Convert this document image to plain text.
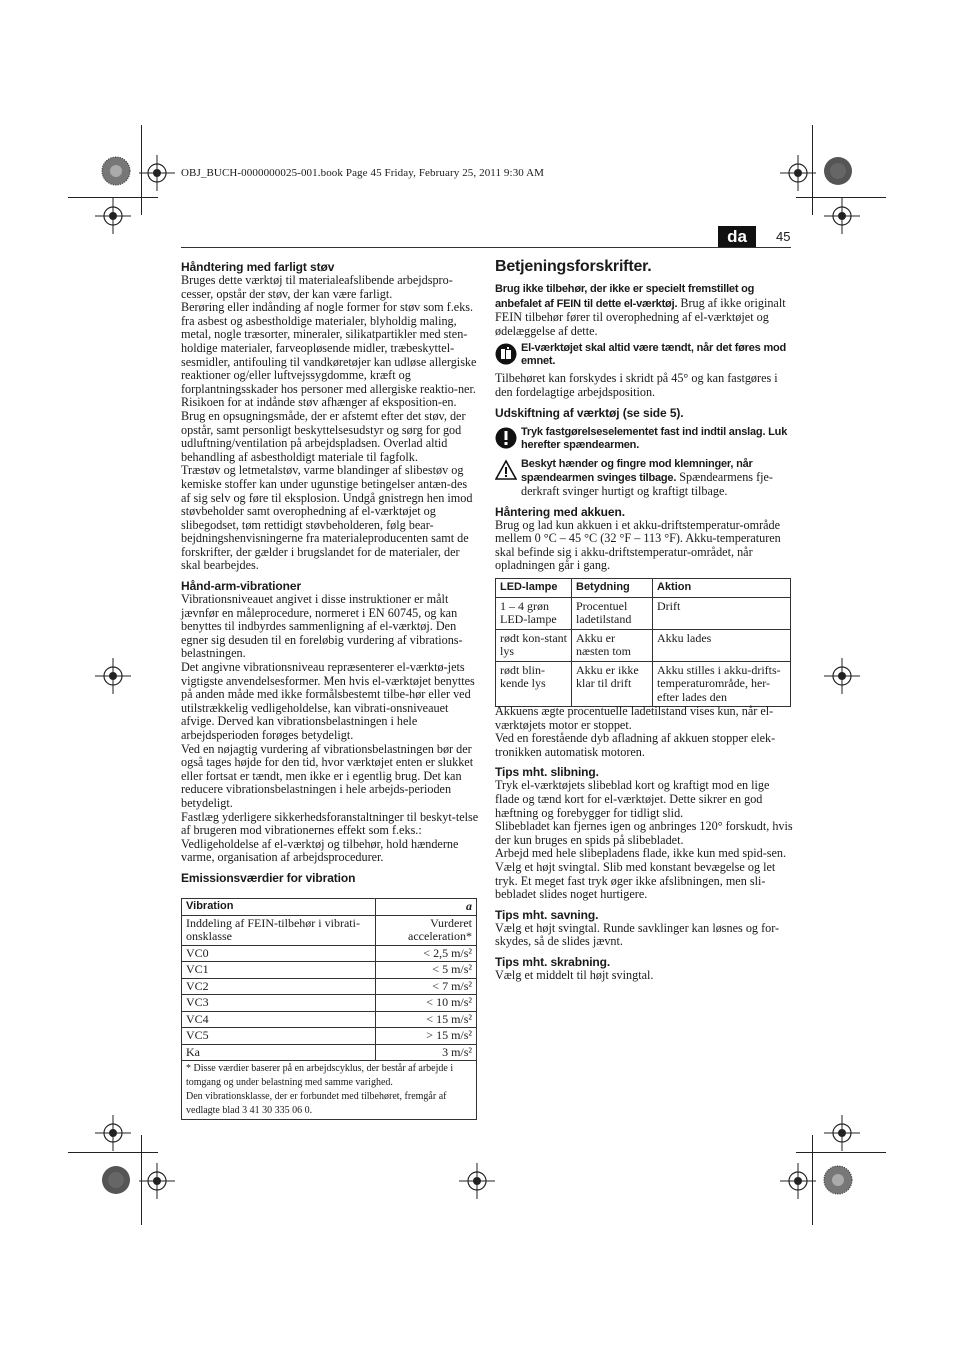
OBJ_BUCH-0000000025-001.book Page 45 Friday, February 25, 2011 9:30 AM
da	45

Håndtering med farligt støv

Bruges dette værktøj til materialeafslibende arbejdspro-cesser, opstår der støv, der kan være farligt.

Berøring eller indånding af nogle former for støv som f.eks. fra asbest og asbestholdige materialer, blyholdig maling, metal, nogle træsorter, mineraler, silikatpartikler med sten-holdige materialer, farveopløsende midler, træbeskyttel-sesmidler, antifouling til vandkøretøjer kan udløse allergiske reaktioner og/eller luftvejssygdomme, kræft og forplantningsskader hos personer med allergiske reaktio-ner. Risikoen for at indånde støv afhænger af eksposition-en. Brug en opsugningsmåde, der er afstemt efter det støv, der opstår, samt personligt beskyttelsesudstyr og sørg for god udluftning/ventilation på arbejdspladsen. Overlad altid behandling af asbestholdigt materiale til fagfolk.

Træstøv og letmetalstøv, varme blandinger af slibestøv og kemiske stoffer kan under ugunstige betingelser antæn-des af sig selv og føre til eksplosion. Undgå gnistregn hen imod støvbeholder samt overophedning af el-værktøjet og slibegodset, tøm rettidigt støvbeholderen, følg bear-bejdningshenvisningerne fra materialeproducenten samt de forskrifter, der gælder i brugslandet for de materialer, der skal bearbejdes.

Hånd-arm-vibrationer

Vibrationsniveauet angivet i disse instruktioner er målt jævnfør en måleprocedure, normeret i EN 60745, og kan benyttes til indbyrdes sammenligning af el-værktøj. Den egner sig desuden til en foreløbig vurdering af vibrations-belastningen.

Det angivne vibrationsniveau repræsenterer el-værktø-jets vigtigste anvendelsesformer. Men hvis el-værktøjet benyttes på anden måde med ikke formålsbestemt tilbe-hør eller ved utilstrækkelig vedligeholdelse, kan vibrati-onsniveauet afvige. Derved kan vibrationsbelastningen i hele arbejdsperioden forøges betydeligt.

Ved en nøjagtig vurdering af vibrationsbelastningen bør der også tages højde for den tid, hvor værktøjet enten er slukket eller fortsat er tændt, men ikke er i egentlig brug. Det kan reducere vibrationsbelastningen i hele arbejds-perioden betydeligt.

Fastlæg yderligere sikkerhedsforanstaltninger til beskyt-telse af brugeren mod vibrationernes effekt som f.eks.: Vedligeholdelse af el-værktøj og tilbehør, hold hænderne varme, organisation af arbejdsprocedurer.

Emissionsværdier for vibration

Vibration	a
Inddeling af FEIN-tilbehør i vibrati-onsklasse	Vurderet acceleration*
VC0	< 2,5 m/s²
VC1	< 5 m/s²
VC2	< 7 m/s²
VC3	< 10 m/s²
VC4	< 15 m/s²
VC5	> 15 m/s²
Ka	3 m/s²

* Disse værdier baserer på en arbejdscyklus, der består af arbejde i tomgang og under belastning med samme varighed.
Den vibrationsklasse, der er forbundet med tilbehøret, fremgår af vedlagte blad 3 41 30 335 06 0.	

Betjeningsforskrifter.

Brug ikke tilbehør, der ikke er specielt fremstillet og anbefalet af FEIN til dette el-værktøj. Brug af ikke originalt FEIN tilbehør fører til overophedning af el-værktøjet og ødelæggelse af dette.

El-værktøjet skal altid være tændt, når det føres mod emnet.

Tilbehøret kan forskydes i skridt på 45° og kan fastgøres i den fordelagtige arbejdsposition.

Udskiftning af værktøj (se side 5).

Tryk fastgørelseselementet fast ind indtil anslag. Luk herefter spændearmen.
Beskyt hænder og fingre mod klemninger, når spændearmen svinges tilbage. Spændearmens fje-derkraft svinger hurtigt og kraftigt tilbage.

Håntering med akkuen.

Brug og lad kun akkuen i et akku-driftstemperatur-område mellem 0 °C – 45 °C (32 °F – 113 °F). Akku-temperaturen skal befinde sig i akku-driftstemperatur-området, når opladningen går i gang.

LED-lampe	Betydning	Aktion
1 – 4 grøn LED-lampe	Procentuel ladetilstand	Drift
rødt kon-stant lys	Akku er næsten tom	Akku lades
rødt blin-kende lys	Akku er ikke klar til drift	Akku stilles i akku-drifts-temperaturområde, her-efter lades den

Akkuens ægte procentuelle ladetilstand vises kun, når el-værktøjets motor er stoppet.

Ved en forestående dyb afladning af akkuen stopper elek-tronikken automatisk motoren.

Tips mht. slibning.

Tryk el-værktøjets slibeblad kort og kraftigt mod en lige flade og tænd kort for el-værktøjet. Dette sikrer en god hæftning og forebygger for tidligt slid.

Slibebladet kan fjernes igen og anbringes 120° forskudt, hvis der kun bruges en spids på slibebladet.

Arbejd med hele slibepladens flade, ikke kun med spid-sen. Vælg et højt svingtal. Slib med konstant bevægelse og let tryk. Et meget fast tryk øger ikke afslibningen, men sli-bebladet slides noget hurtigere.

Tips mht. savning.

Vælg et højt svingtal. Runde savklinger kan løsnes og for-skydes, så de slides jævnt.

Tips mht. skrabning.

Vælg et middelt til højt svingtal.
